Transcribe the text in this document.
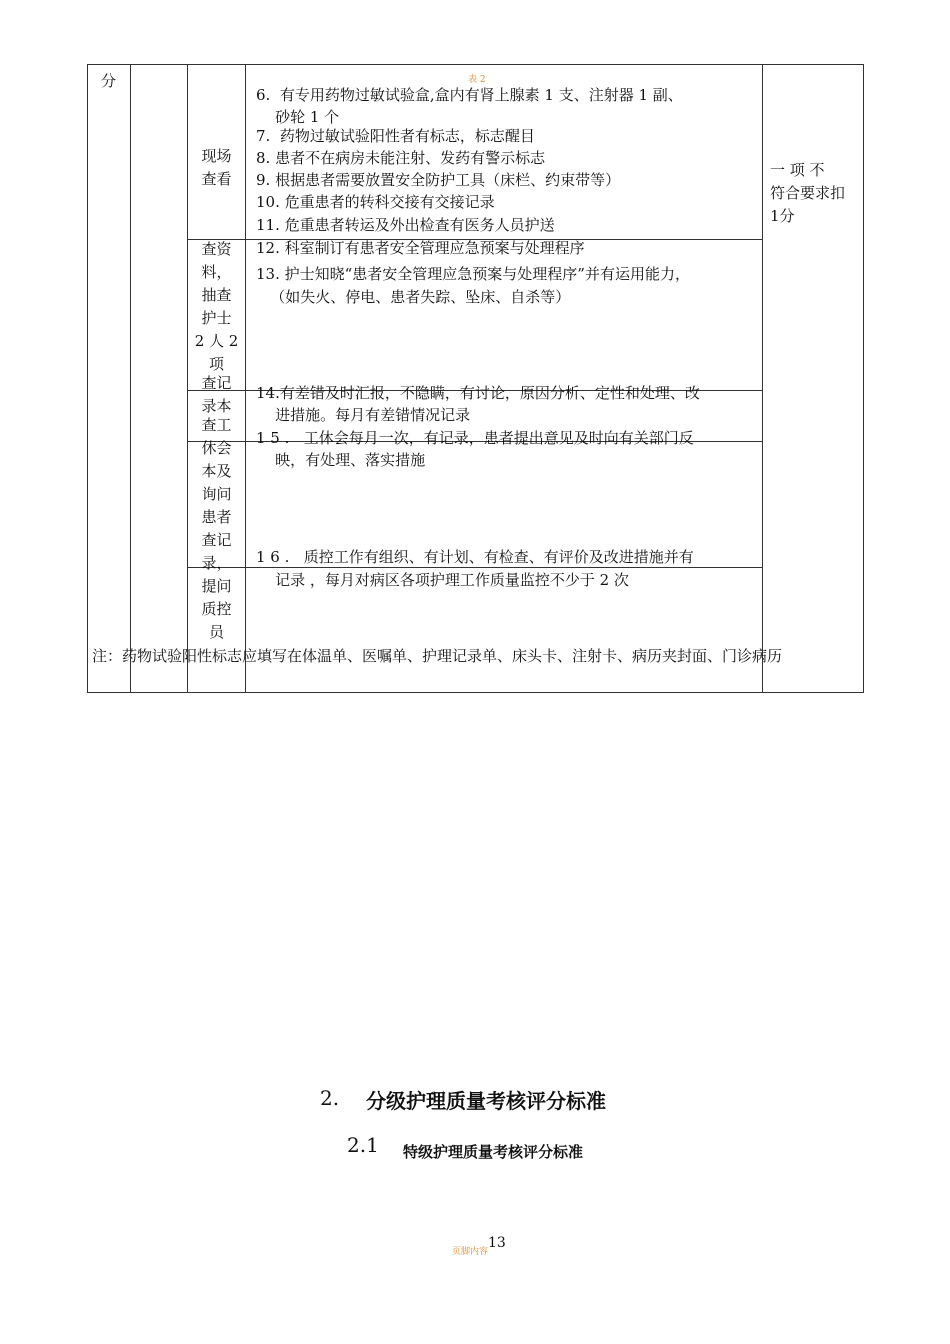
表 2
分
现场
查看
查资
料，
抽查
护士
2 人 2
项
查记
录本
查工
休会
本及
询问
患者
查记
录，
提问
质控
员
6.  有专用药物过敏试验盒,盒内有肾上腺素 1 支、注射器 1 副、
砂轮 1 个
7.  药物过敏试验阳性者有标志，标志醒目
8. 患者不在病房未能注射、发药有警示标志
9. 根据患者需要放置安全防护工具（床栏、约束带等）
10. 危重患者的转科交接有交接记录
11. 危重患者转运及外出检查有医务人员护送
12. 科室制订有患者安全管理应急预案与处理程序
13. 护士知晓“患者安全管理应急预案与处理程序”并有运用能力，
（如失火、停电、患者失踪、坠床、自杀等）
14.有差错及时汇报，不隐瞒，有讨论，原因分析、定性和处理、改
进措施。每月有差错情况记录
1 5 .   工休会每月一次，有记录，患者提出意见及时向有关部门反
映，有处理、落实措施
1 6 .   质控工作有组织、有计划、有检查、有评价及改进措施并有
记录 ，每月对病区各项护理工作质量监控不少于 2 次
一 项 不
符合要求扣
1分
注：药物试验阳性标志应填写在体温单、医嘱单、护理记录单、床头卡、注射卡、病历夹封面、门诊病历
2. 分级护理质量考核评分标准
2.1 特级护理质量考核评分标准
页脚内容
13
